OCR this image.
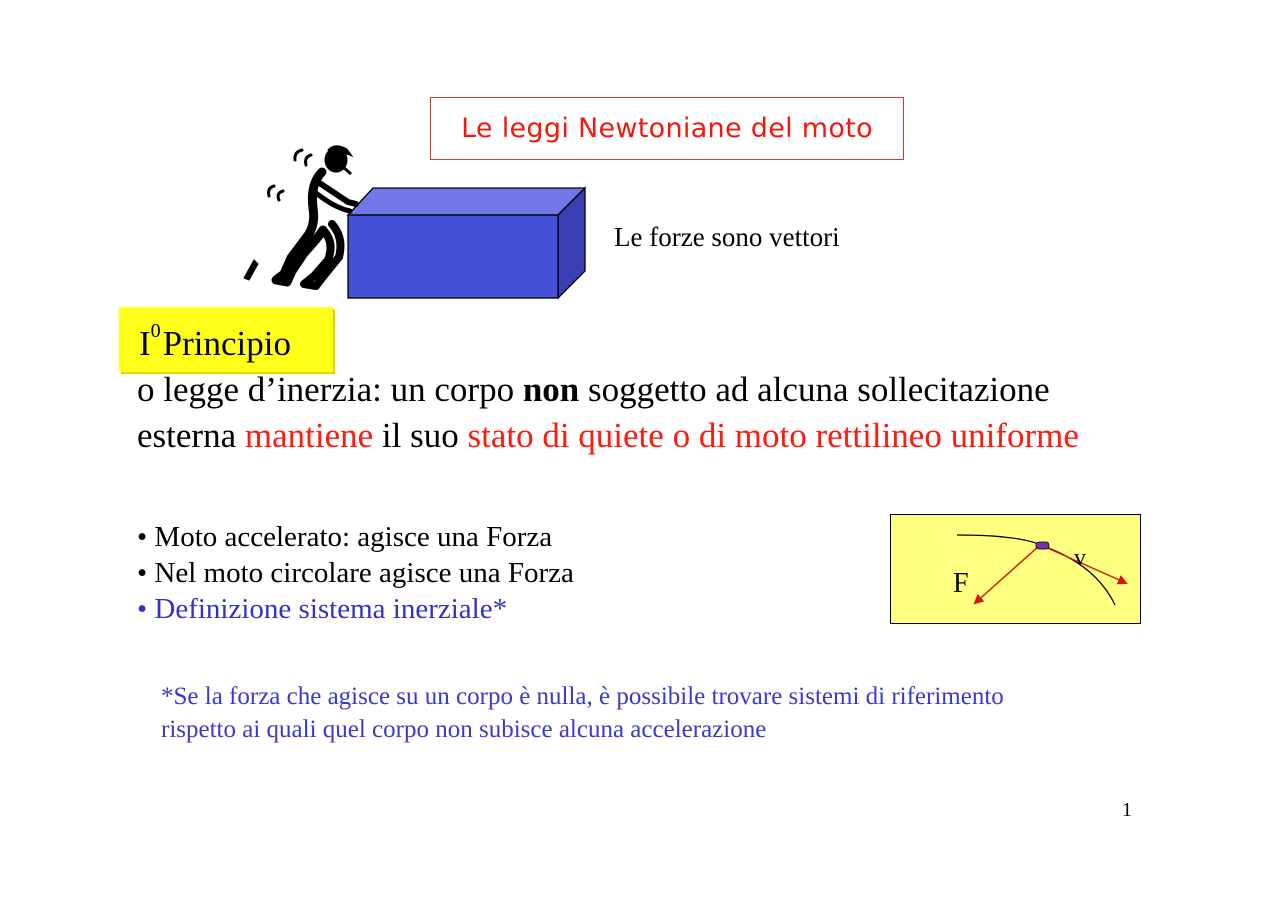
Le leggi Newtoniane del moto
Le forze sono vettori
$I^0Principio$
o legge d’inerzia: un corpo non soggetto ad alcuna sollecitazione
esterna mantiene il suo stato di quiete o di moto rettilineo uniforme
• Moto accelerato: agisce una Forza
• Nel moto circolare agisce una Forza
• Definizione sistema inerziale*
F
v
*Se la forza che agisce su un corpo è nulla, è possibile trovare sistemi di riferimento
rispetto ai quali quel corpo non subisce alcuna accelerazione
1
